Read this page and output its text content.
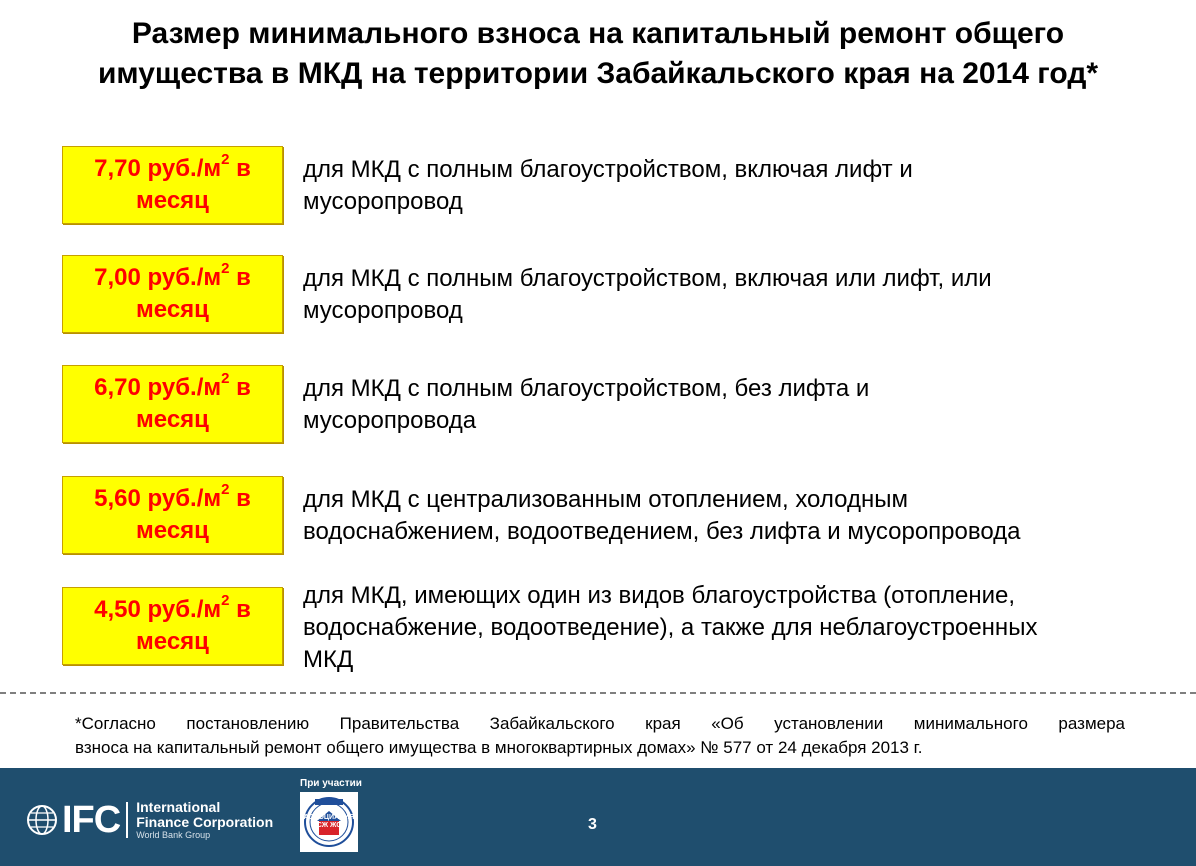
Размер минимального взноса на капитальный ремонт общего
имущества в МКД на территории Забайкальского края на 2014 год*
7,70 $руб./м^2$ в
месяц
для МКД с полным благоустройством, включая лифт и
мусоропровод
7,00 $руб./м^2$ в
месяц
для МКД с полным благоустройством, включая или лифт, или
мусоропровод
6,70 $руб./м^2$ в
месяц
для МКД с полным благоустройством, без лифта и
мусоропровода
5,60 $руб./м^2$ в
месяц
для МКД с централизованным отоплением, холодным
водоснабжением, водоотведением, без лифта и мусоропровода
4,50 $руб./м^2$ в
месяц
для МКД, имеющих один из видов благоустройства (отопление,
водоснабжение, водоотведение), а также для неблагоустроенных
МКД
*Согласно постановлению Правительства Забайкальского края «Об установлении минимального размера
взноса на капитальный ремонт общего имущества в многоквартирных домах» № 577 от 24 декабря 2013 г.
IFC International
Finance Corporation
World Bank Group
При участии
АССОЦИАЦИЯ ТСЖ ЖСК	3
